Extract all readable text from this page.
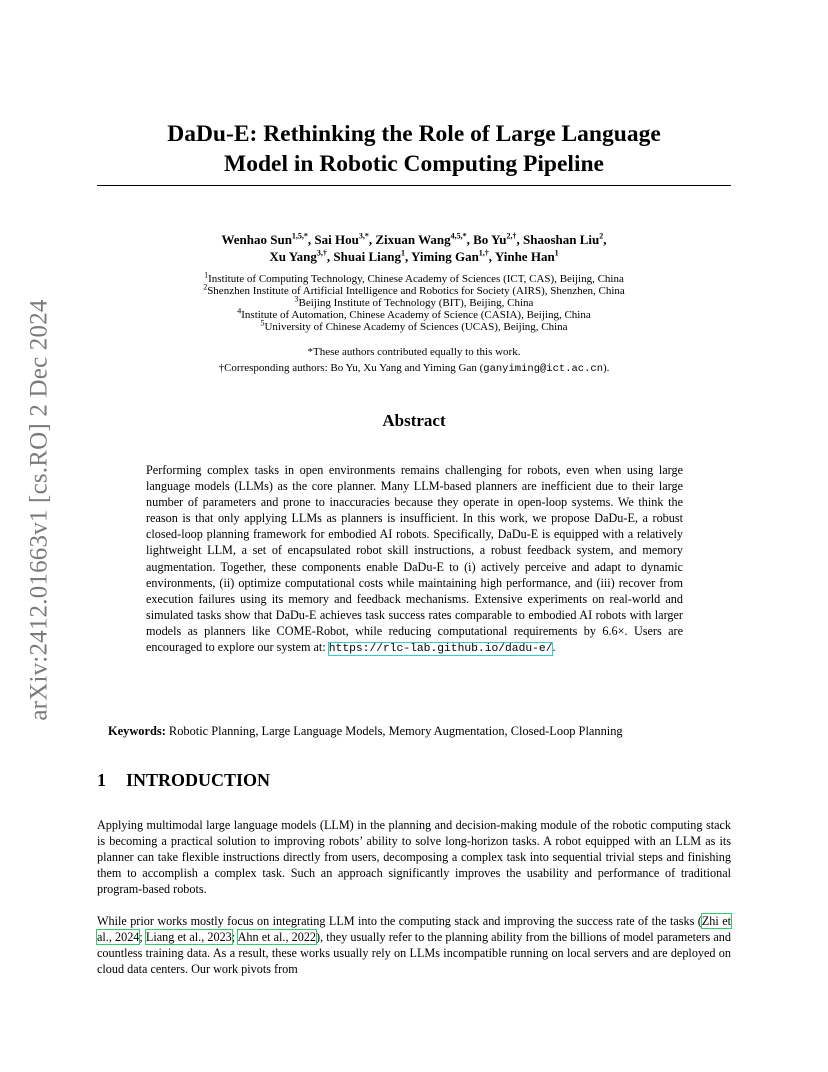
arXiv:2412.01663v1 [cs.RO] 2 Dec 2024
DaDu-E: Rethinking the Role of Large Language
Model in Robotic Computing Pipeline
Wenhao Sun$^{1,5,*}$, Sai Hou$^{3,*}$, Zixuan Wang$^{4,5,*}$, Bo $Yu^{2,\dagger}$, Shaoshan Liu$^2$,
Xu Yang$^{3,\dagger}$, Shuai Liang$^1$, Yiming Gan$^{1,\dagger}$, Yinhe Han$^1$
$^1$Institute of Computing Technology, Chinese Academy of Sciences (ICT, CAS), Beijing, China
$^2$Shenzhen Institute of Artificial Intelligence and Robotics for Society (AIRS), Shenzhen, China
$^3$Beijing Institute of Technology (BIT), Beijing, China
$^4$Institute of Automation, Chinese Academy of Science (CASIA), Beijing, China
$^5$University of Chinese Academy of Sciences (UCAS), Beijing, China
*These authors contributed equally to this work.
†Corresponding authors: Bo Yu, Xu Yang and Yiming Gan (ganyiming@ict.ac.cn).
Abstract
Performing complex tasks in open environments remains challenging for robots, even when using large language models (LLMs) as the core planner. Many LLM-based planners are inefficient due to their large number of parameters and prone to inaccuracies because they operate in open-loop systems. We think the reason is that only applying LLMs as planners is insufficient. In this work, we propose DaDu-E, a robust closed-loop planning framework for embodied AI robots. Specifically, DaDu-E is equipped with a relatively lightweight LLM, a set of encapsulated robot skill instructions, a robust feedback system, and memory augmentation. Together, these components enable DaDu-E to (i) actively perceive and adapt to dynamic environments, (ii) optimize computational costs while maintaining high performance, and (iii) recover from execution failures using its memory and feedback mechanisms. Extensive experiments on real-world and simulated tasks show that DaDu-E achieves task success rates comparable to embodied AI robots with larger models as planners like COME-Robot, while reducing computational requirements by 6.6×. Users are encouraged to explore our system at: https://rlc-lab.github.io/dadu-e/.
Keywords: Robotic Planning, Large Language Models, Memory Augmentation, Closed-Loop Planning
1 INTRODUCTION
Applying multimodal large language models (LLM) in the planning and decision-making module of the robotic computing stack is becoming a practical solution to improving robots’ ability to solve long-horizon tasks. A robot equipped with an LLM as its planner can take flexible instructions directly from users, decomposing a complex task into sequential trivial steps and finishing them to accomplish a complex task. Such an approach significantly improves the usability and performance of traditional program-based robots.
While prior works mostly focus on integrating LLM into the computing stack and improving the success rate of the tasks (Zhi et al., 2024; Liang et al., 2023; Ahn et al., 2022), they usually refer to the planning ability from the billions of model parameters and countless training data. As a result, these works usually rely on LLMs incompatible running on local servers and are deployed on cloud data centers. Our work pivots from
